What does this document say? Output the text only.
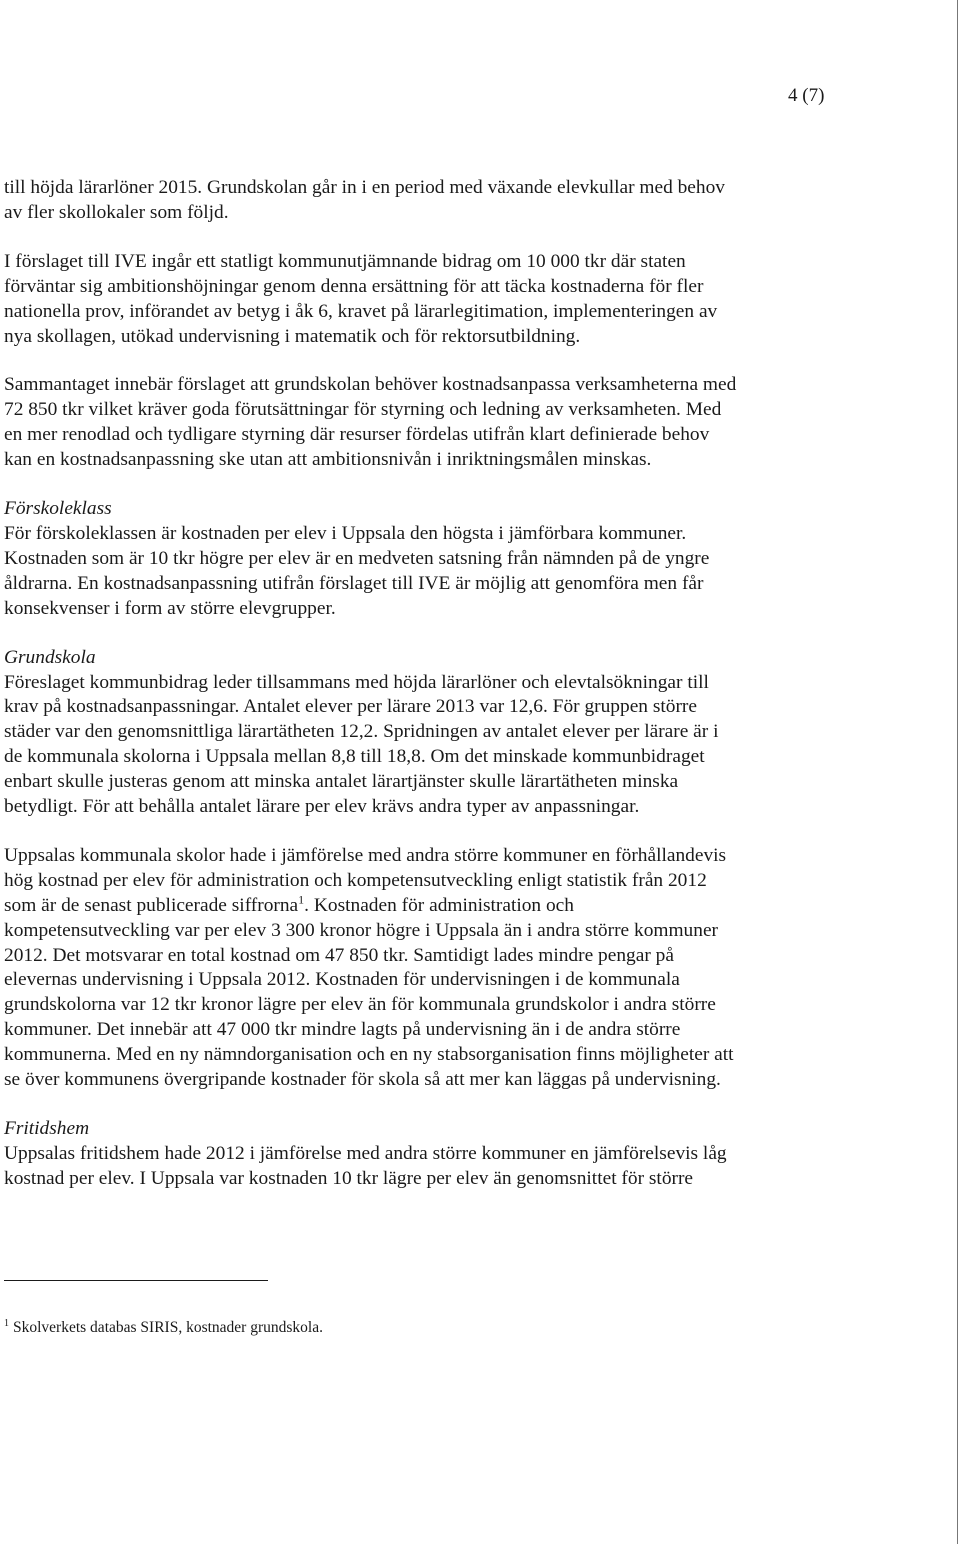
4 (7)

till höjda lärarlöner 2015. Grundskolan går in i en period med växande elevkullar med behov
av fler skollokaler som följd.

I förslaget till IVE ingår ett statligt kommunutjämnande bidrag om 10 000 tkr där staten
förväntar sig ambitionshöjningar genom denna ersättning för att täcka kostnaderna för fler
nationella prov, införandet av betyg i åk 6, kravet på lärarlegitimation, implementeringen av
nya skollagen, utökad undervisning i matematik och för rektorsutbildning.

Sammantaget innebär förslaget att grundskolan behöver kostnadsanpassa verksamheterna med
72 850 tkr vilket kräver goda förutsättningar för styrning och ledning av verksamheten. Med
en mer renodlad och tydligare styrning där resurser fördelas utifrån klart definierade behov
kan en kostnadsanpassning ske utan att ambitionsnivån i inriktningsmålen minskas.

Förskoleklass

För förskoleklassen är kostnaden per elev i Uppsala den högsta i jämförbara kommuner.
Kostnaden som är 10 tkr högre per elev är en medveten satsning från nämnden på de yngre
åldrarna. En kostnadsanpassning utifrån förslaget till IVE är möjlig att genomföra men får
konsekvenser i form av större elevgrupper.

Grundskola

Föreslaget kommunbidrag leder tillsammans med höjda lärarlöner och elevtalsökningar till
krav på kostnadsanpassningar. Antalet elever per lärare 2013 var 12,6. För gruppen större
städer var den genomsnittliga lärartätheten 12,2. Spridningen av antalet elever per lärare är i
de kommunala skolorna i Uppsala mellan 8,8 till 18,8. Om det minskade kommunbidraget
enbart skulle justeras genom att minska antalet lärartjänster skulle lärartätheten minska
betydligt. För att behålla antalet lärare per elev krävs andra typer av anpassningar.

Uppsalas kommunala skolor hade i jämförelse med andra större kommuner en förhållandevis
hög kostnad per elev för administration och kompetensutveckling enligt statistik från 2012
som är de senast publicerade siffrorna$^1$. Kostnaden för administration och
kompetensutveckling var per elev 3 300 kronor högre i Uppsala än i andra större kommuner
2012. Det motsvarar en total kostnad om 47 850 tkr. Samtidigt lades mindre pengar på
elevernas undervisning i Uppsala 2012. Kostnaden för undervisningen i de kommunala
grundskolorna var 12 tkr kronor lägre per elev än för kommunala grundskolor i andra större
kommuner. Det innebär att 47 000 tkr mindre lagts på undervisning än i de andra större
kommunerna. Med en ny nämndorganisation och en ny stabsorganisation finns möjligheter att
se över kommunens övergripande kostnader för skola så att mer kan läggas på undervisning.

Fritidshem

Uppsalas fritidshem hade 2012 i jämförelse med andra större kommuner en jämförelsevis låg
kostnad per elev. I Uppsala var kostnaden 10 tkr lägre per elev än genomsnittet för större

$^1$ Skolverkets databas SIRIS, kostnader grundskola.
